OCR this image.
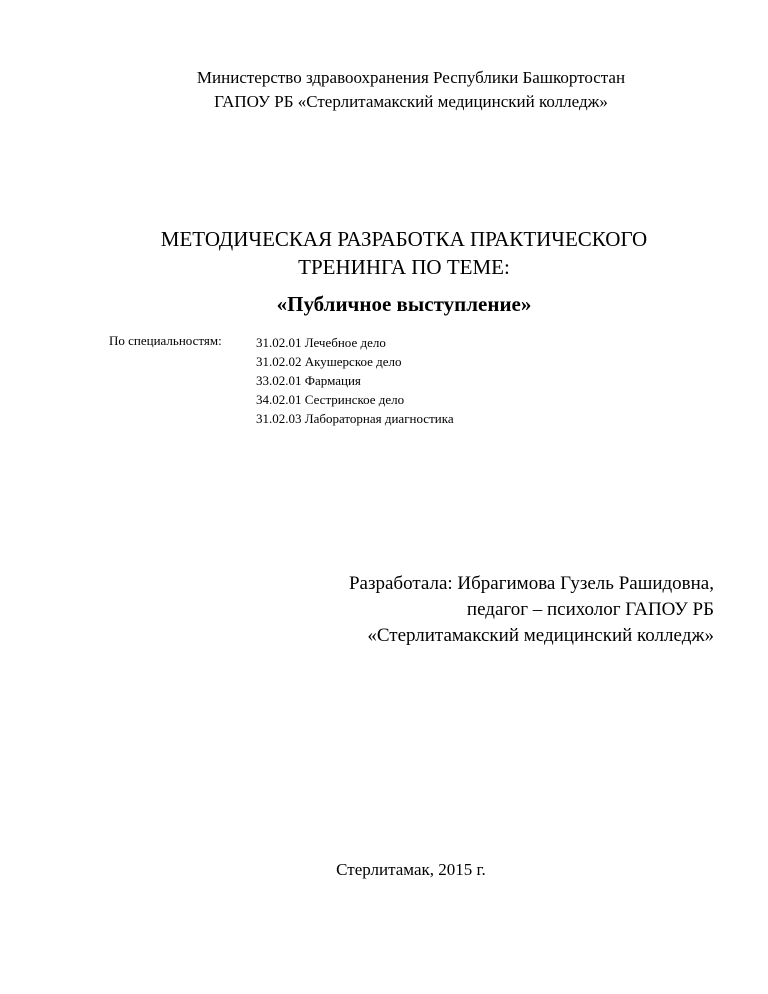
Министерство здравоохранения Республики Башкортостан
ГАПОУ РБ «Стерлитамакский медицинский колледж»
МЕТОДИЧЕСКАЯ РАЗРАБОТКА ПРАКТИЧЕСКОГО
ТРЕНИНГА ПО ТЕМЕ:
«Публичное выступление»
По специальностям:	31.02.01 Лечебное дело
31.02.02 Акушерское дело
33.02.01 Фармация
34.02.01 Сестринское дело
31.02.03 Лабораторная диагностика
Разработала: Ибрагимова Гузель Рашидовна,
педагог – психолог ГАПОУ РБ
«Стерлитамакский медицинский колледж»
Стерлитамак, 2015 г.
